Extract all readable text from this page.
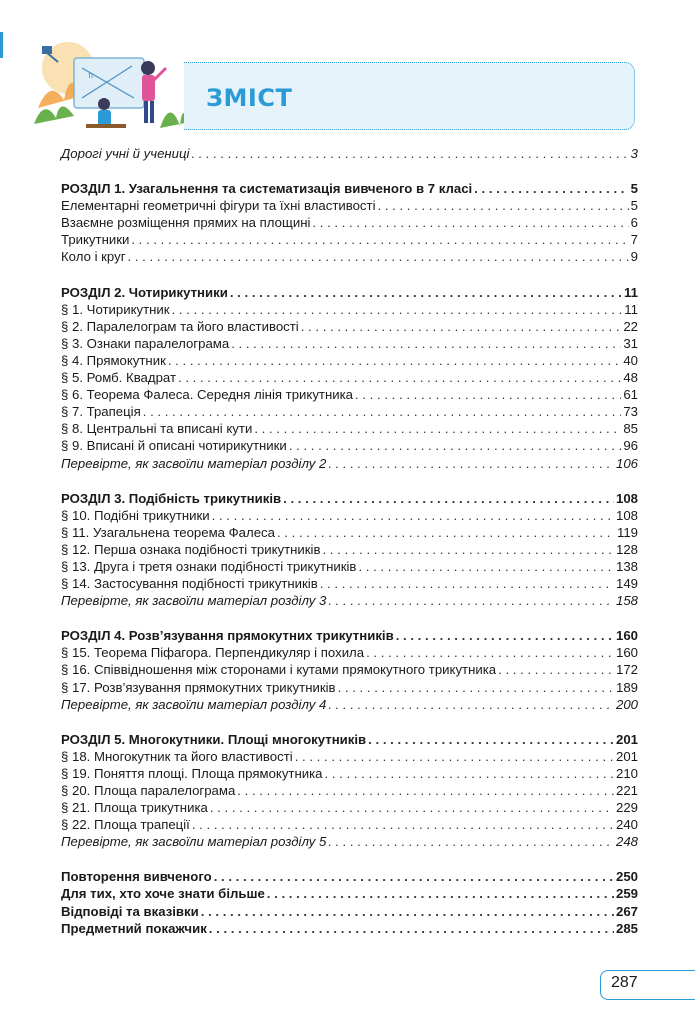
π
ЗМІСТ
Дорогі учні й учениці . . .	3
РОЗДІЛ 1. Узагальнення та систематизація вивченого в 7 класі . . .	5
Елементарні геометричні фігури та їхні властивості . . .	5
Взаємне розміщення прямих на площині . . .	6
Трикутники . . .	7
Коло і круг . . .	9
РОЗДІЛ 2. Чотирикутники . . .	11
§ 1. Чотирикутник . . .	11
§ 2. Паралелограм та його властивості . . .	22
§ 3. Ознаки паралелограма . . .	31
§ 4. Прямокутник . . .	40
§ 5. Ромб. Квадрат . . .	48
§ 6. Теорема Фалеса. Середня лінія трикутника . . .	61
§ 7. Трапеція . . .	73
§ 8. Центральні та вписані кути . . .	85
§ 9. Вписані й описані чотирикутники . . .	96
Перевірте, як засвоїли матеріал розділу 2 . . .	106
РОЗДІЛ 3. Подібність трикутників . . .	108
§ 10. Подібні трикутники . . .	108
§ 11. Узагальнена теорема Фалеса . . .	119
§ 12. Перша ознака подібності трикутників . . .	128
§ 13. Друга і третя ознаки подібності трикутників . . .	138
§ 14. Застосування подібності трикутників . . .	149
Перевірте, як засвоїли матеріал розділу 3 . . .	158
РОЗДІЛ 4. Розв’язування прямокутних трикутників . . .	160
§ 15. Теорема Піфагора. Перпендикуляр і похила . . .	160
§ 16. Співвідношення між сторонами і кутами прямокутного трикутника . . .	172
§ 17. Розв’язування прямокутних трикутників . . .	189
Перевірте, як засвоїли матеріал розділу 4 . . .	200
РОЗДІЛ 5. Многокутники. Площі многокутників . . .	201
§ 18. Многокутник та його властивості . . .	201
§ 19. Поняття площі. Площа прямокутника . . .	210
§ 20. Площа паралелограма . . .	221
§ 21. Площа трикутника . . .	229
§ 22. Площа трапеції . . .	240
Перевірте, як засвоїли матеріал розділу 5 . . .	248
Повторення вивченого . . .	250
Для тих, хто хоче знати більше . . .	259
Відповіді та вказівки . . .	267
Предметний покажчик . . .	285
287
